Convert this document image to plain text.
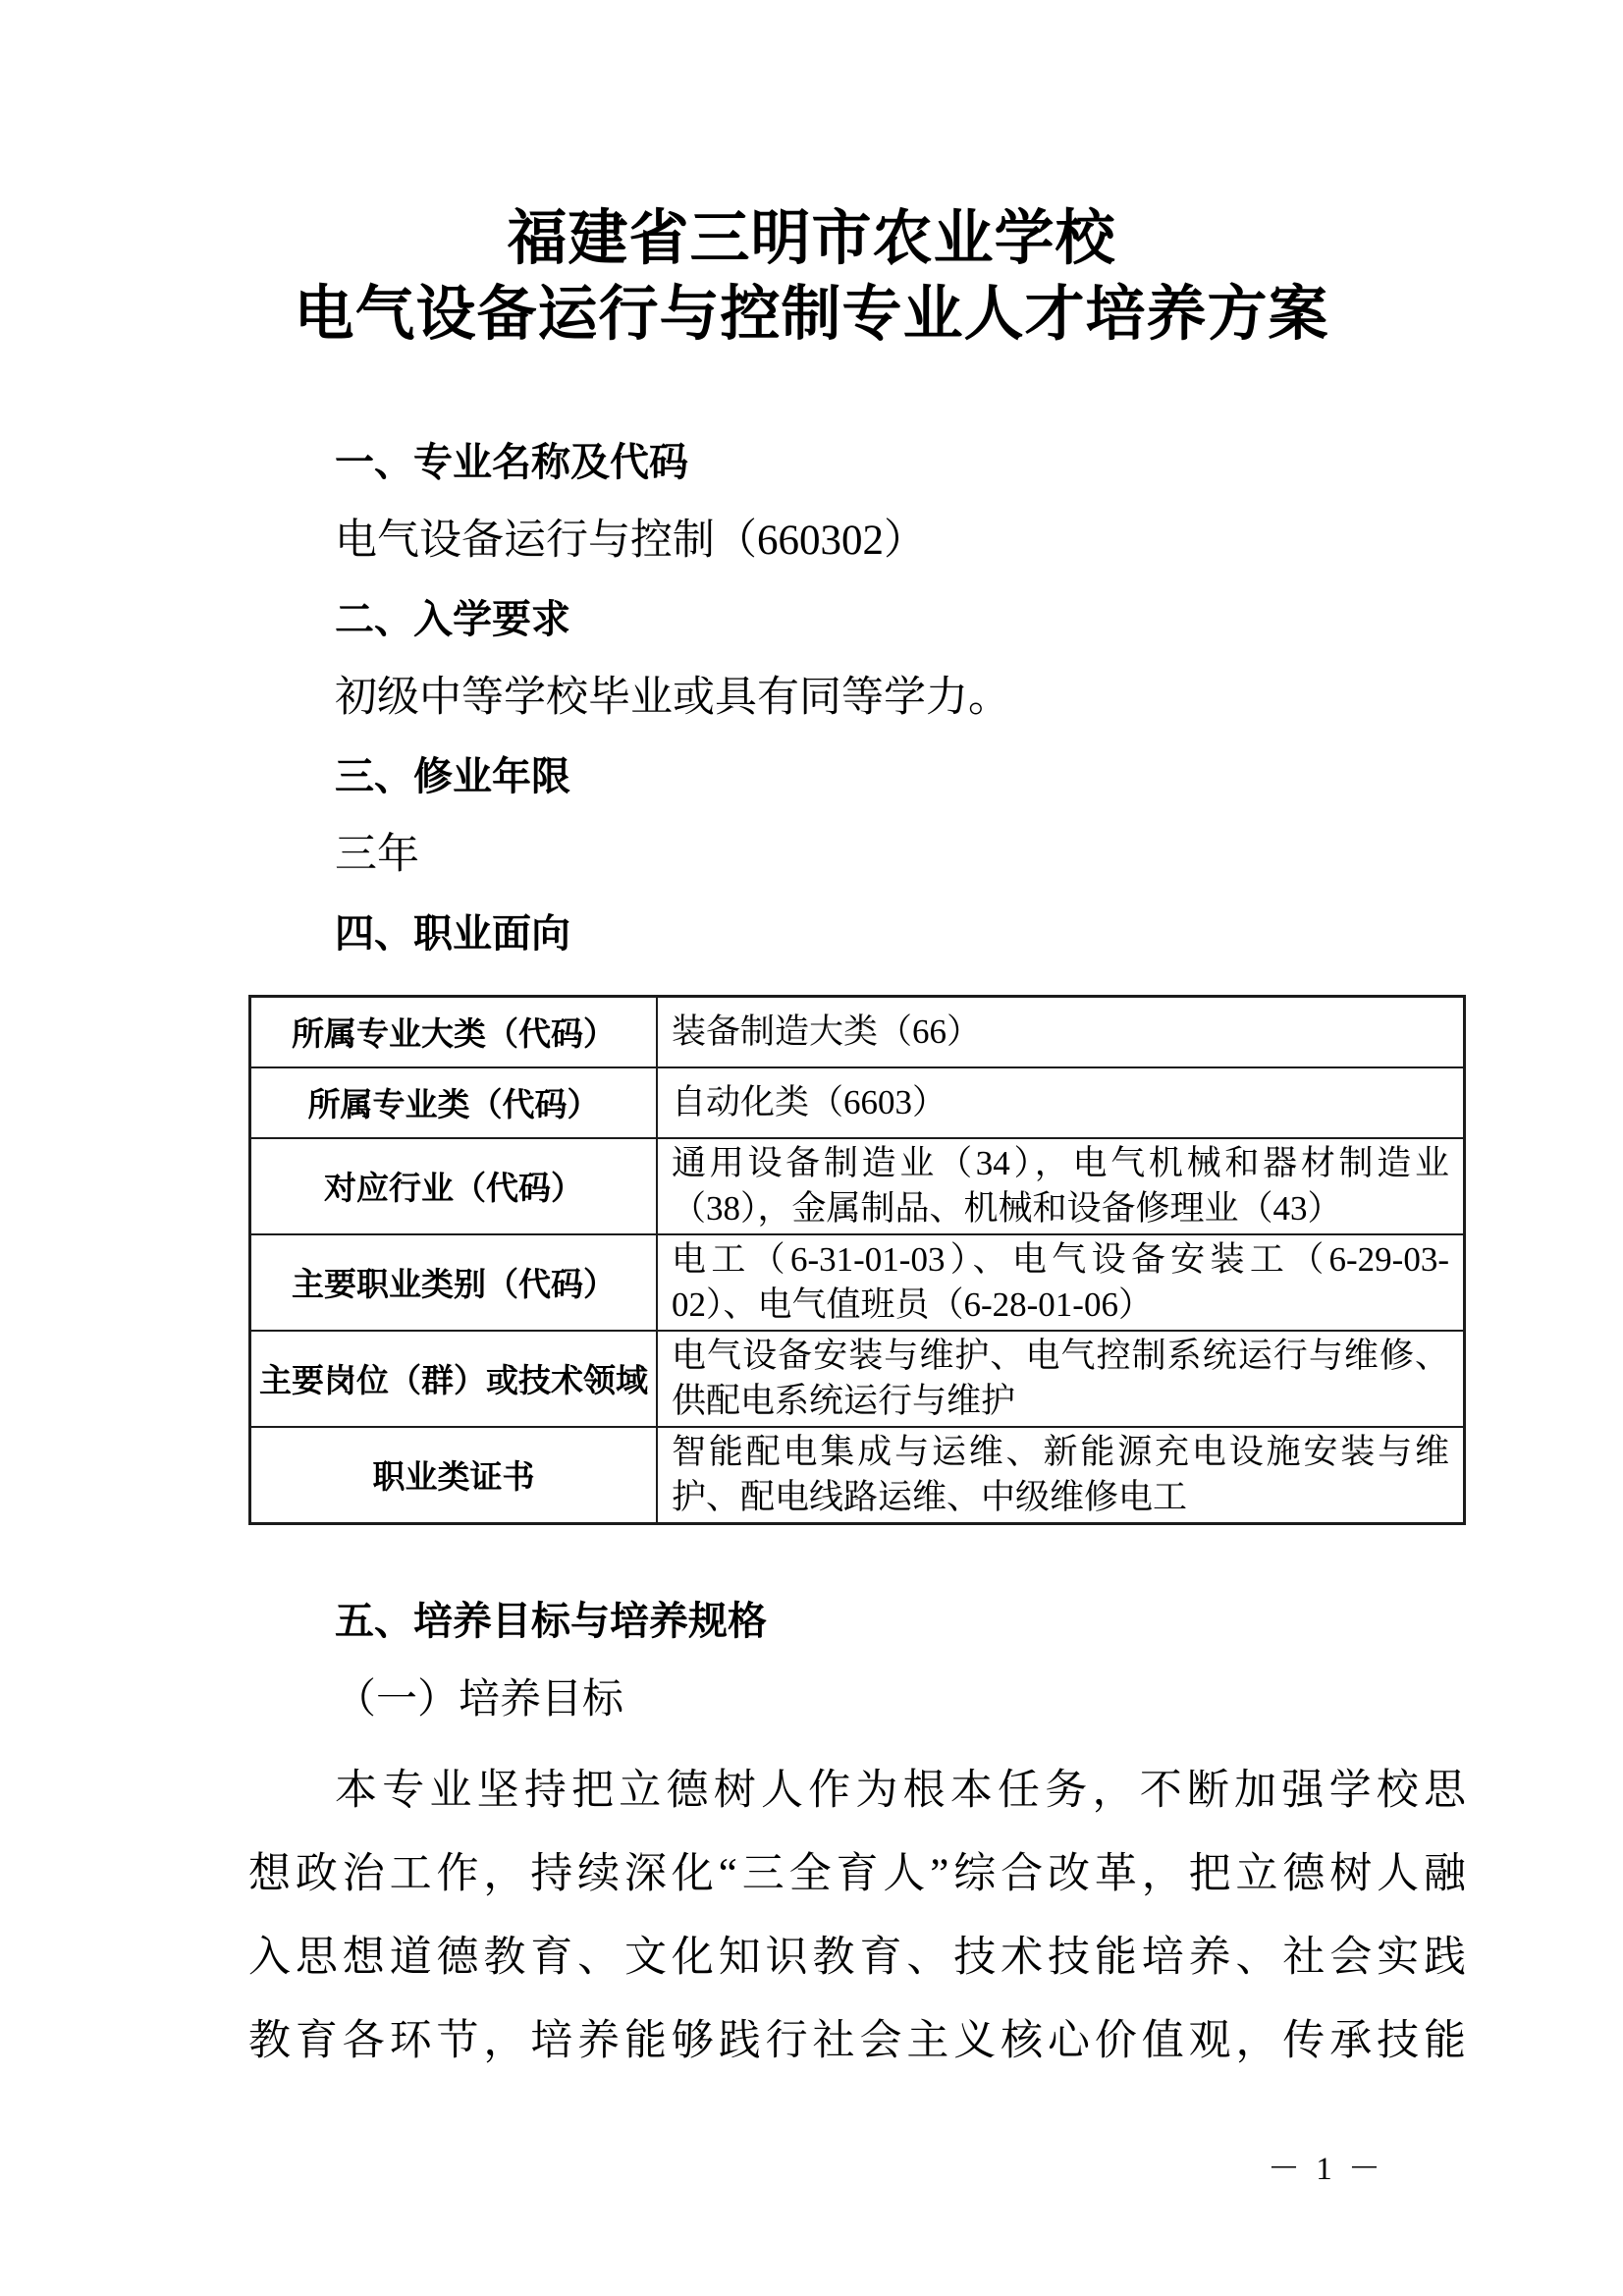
福建省三明市农业学校
电气设备运行与控制专业人才培养方案
一、专业名称及代码
电气设备运行与控制（660302）
二、入学要求
初级中等学校毕业或具有同等学力。
三、修业年限
三年
四、职业面向
所属专业大类（代码）	装备制造大类（66）
所属专业类（代码）	自动化类（6603）
对应行业（代码）	通用设备制造业（34），电气机械和器材制造业（38），金属制品、机械和设备修理业（43）
主要职业类别（代码）	电工（6-31-01-03）、电气设备安装工（6-29-03-02）、电气值班员（6-28-01-06）
主要岗位（群）或技术领域	电气设备安装与维护、电气控制系统运行与维修、供配电系统运行与维护
职业类证书	智能配电集成与运维、新能源充电设施安装与维护、配电线路运维、中级维修电工
五、培养目标与培养规格
（一）培养目标
本专业坚持把立德树人作为根本任务，不断加强学校思
想政治工作，持续深化“三全育人”综合改革，把立德树人融
入思想道德教育、文化知识教育、技术技能培养、社会实践
教育各环节，培养能够践行社会主义核心价值观，传承技能
－ 1 －
